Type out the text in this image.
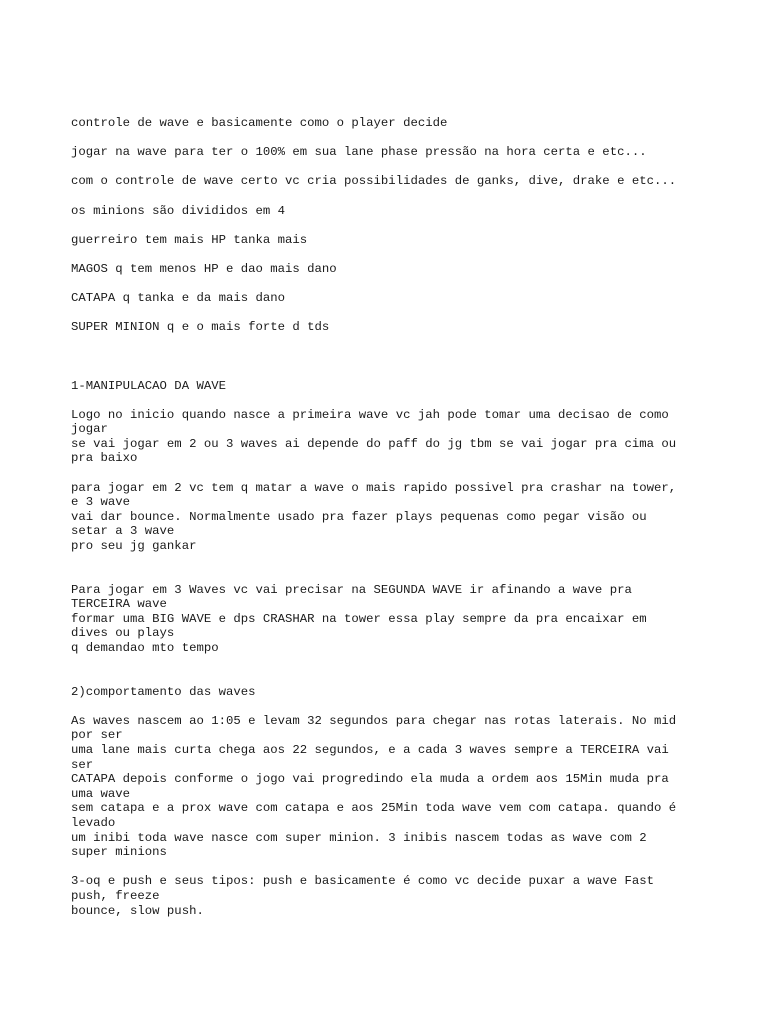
controle de wave e basicamente como o player decide

jogar na wave para ter o 100% em sua lane phase pressão na hora certa e etc...

com o controle de wave certo vc cria possibilidades de ganks, dive, drake e etc...

os minions são divididos em 4

guerreiro tem mais HP tanka mais

MAGOS q tem menos HP e dao mais dano

CATAPA q tanka e da mais dano

SUPER MINION q e o mais forte d tds

1-MANIPULACAO DA WAVE

Logo no inicio quando nasce a primeira wave vc jah pode tomar uma decisao de como
jogar
se vai jogar em 2 ou 3 waves ai depende do paff do jg tbm se vai jogar pra cima ou
pra baixo

para jogar em 2 vc tem q matar a wave o mais rapido possivel pra crashar na tower,
e 3 wave
vai dar bounce. Normalmente usado pra fazer plays pequenas como pegar visão ou
setar a 3 wave
pro seu jg gankar

Para jogar em 3 Waves vc vai precisar na SEGUNDA WAVE ir afinando a wave pra
TERCEIRA wave
formar uma BIG WAVE e dps CRASHAR na tower essa play sempre da pra encaixar em
dives ou plays
q demandao mto tempo

2)comportamento das waves

As waves nascem ao 1:05 e levam 32 segundos para chegar nas rotas laterais. No mid
por ser
uma lane mais curta chega aos 22 segundos, e a cada 3 waves sempre a TERCEIRA vai
ser
CATAPA depois conforme o jogo vai progredindo ela muda a ordem aos 15Min muda pra
uma wave
sem catapa e a prox wave com catapa e aos 25Min toda wave vem com catapa. quando é
levado
um inibi toda wave nasce com super minion. 3 inibis nascem todas as wave com 2
super minions

3-oq e push e seus tipos: push e basicamente é como vc decide puxar a wave Fast
push, freeze
bounce, slow push.
